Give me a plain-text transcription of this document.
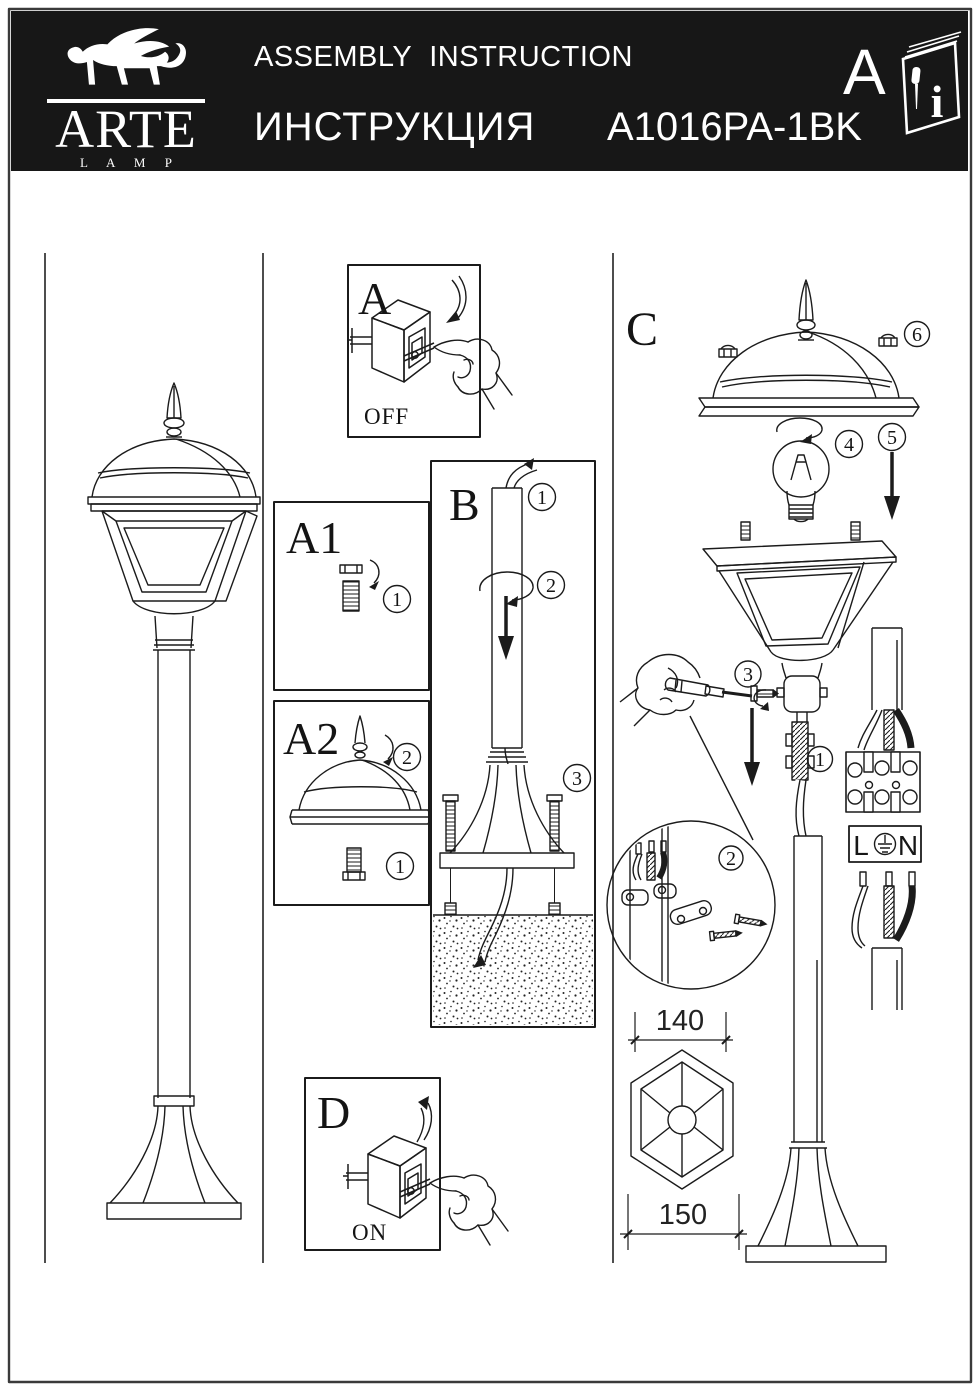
A
OFF
A1
1
A2	2
1
B	1
2
3
D
ON
C	6
4 5
3
1
2
140
150
L N
ARTE
L A M P
ASSEMBLY INSTRUCTION
ИНСТРУКЦИЯ A1016PA-1BK
A i
